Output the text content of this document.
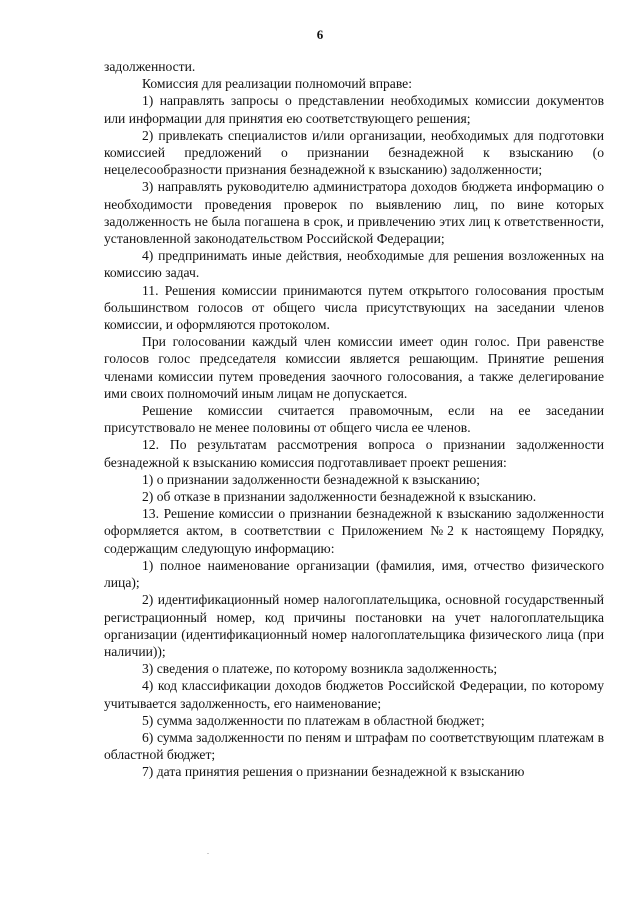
6

задолженности.

Комиссия для реализации полномочий вправе:

1) направлять запросы о представлении необходимых комиссии документов или информации для принятия ею соответствующего решения;

2) привлекать специалистов и/или организации, необходимых для подготовки комиссией предложений о признании безнадежной к взысканию (о нецелесообразности признания безнадежной к взысканию) задолженности;

3) направлять руководителю администратора доходов бюджета информацию о необходимости проведения проверок по выявлению лиц, по вине которых задолженность не была погашена в срок, и привлечению этих лиц к ответственности, установленной законодательством Российской Федерации;

4) предпринимать иные действия, необходимые для решения возложенных на комиссию задач.

11. Решения комиссии принимаются путем открытого голосования простым большинством голосов от общего числа присутствующих на заседании членов комиссии, и оформляются протоколом.

При голосовании каждый член комиссии имеет один голос. При равенстве голосов голос председателя комиссии является решающим. Принятие решения членами комиссии путем проведения заочного голосования, а также делегирование ими своих полномочий иным лицам не допускается.

Решение комиссии считается правомочным, если на ее заседании присутствовало не менее половины от общего числа ее членов.

12. По результатам рассмотрения вопроса о признании задолженности безнадежной к взысканию комиссия подготавливает проект решения:

1) о признании задолженности безнадежной к взысканию;

2) об отказе в признании задолженности безнадежной к взысканию.

13. Решение комиссии о признании безнадежной к взысканию задолженности оформляется актом, в соответствии с Приложением №2 к настоящему Порядку, содержащим следующую информацию:

1) полное наименование организации (фамилия, имя, отчество физического лица);

2) идентификационный номер налогоплательщика, основной государственный регистрационный номер, код причины постановки на учет налогоплательщика организации (идентификационный номер налогоплательщика физического лица (при наличии));

3) сведения о платеже, по которому возникла задолженность;

4) код классификации доходов бюджетов Российской Федерации, по которому учитывается задолженность, его наименование;

5) сумма задолженности по платежам в областной бюджет;

6) сумма задолженности по пеням и штрафам по соответствующим платежам в областной бюджет;

7) дата принятия решения о признании безнадежной к взысканию
